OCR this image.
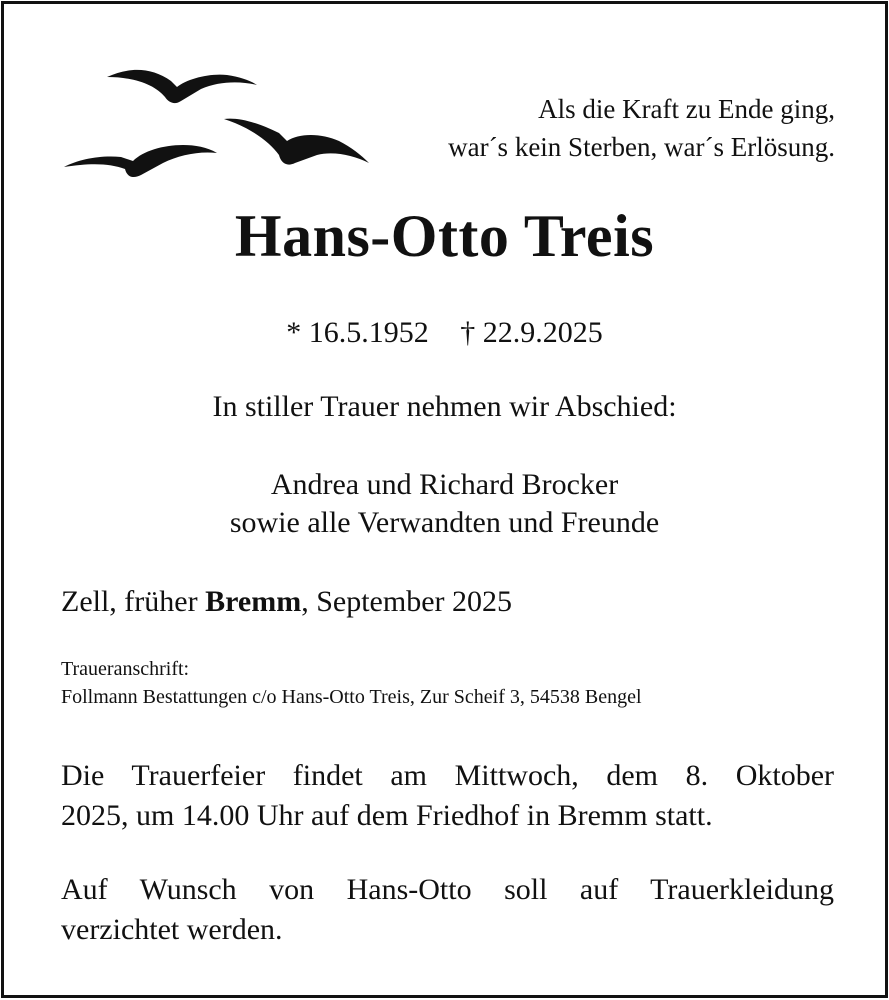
Als die Kraft zu Ende ging,
war´s kein Sterben, war´s Erlösung.
Hans-Otto Treis
* 16.5.1952 † 22.9.2025
In stiller Trauer nehmen wir Abschied:
Andrea und Richard Brocker
sowie alle Verwandten und Freunde
Zell, früher Bremm, September 2025
Traueranschrift:
Follmann Bestattungen c/o Hans-Otto Treis, Zur Scheif 3, 54538 Bengel
Die Trauerfeier findet am Mittwoch, dem 8. Oktober
2025, um 14.00 Uhr auf dem Friedhof in Bremm statt.
Auf Wunsch von Hans-Otto soll auf Trauerkleidung
verzichtet werden.
